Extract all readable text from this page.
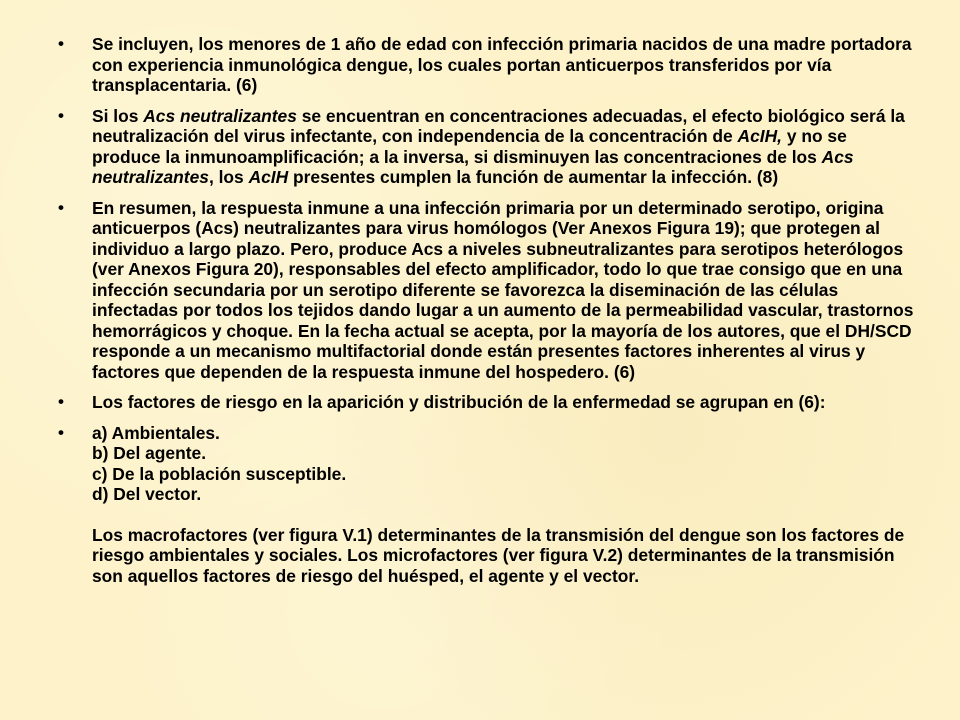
• Se incluyen, los menores de 1 año de edad con infección primaria nacidos de una madre portadora con experiencia inmunológica dengue, los cuales portan anticuerpos transferidos por vía transplacentaria. (6)
• Si los Acs neutralizantes se encuentran en concentraciones adecuadas, el efecto biológico será la neutralización del virus infectante, con independencia de la concentración de AcIH, y no se produce la inmunoamplificación; a la inversa, si disminuyen las concentraciones de los Acs neutralizantes, los AcIH presentes cumplen la función de aumentar la infección. (8)
• En resumen, la respuesta inmune a una infección primaria por un determinado serotipo, origina anticuerpos (Acs) neutralizantes para virus homólogos (Ver Anexos Figura 19); que protegen al individuo a largo plazo. Pero, produce Acs a niveles subneutralizantes para serotipos heterólogos (ver Anexos Figura 20), responsables del efecto amplificador, todo lo que trae consigo que en una infección secundaria por un serotipo diferente se favorezca la diseminación de las células infectadas por todos los tejidos dando lugar a un aumento de la permeabilidad vascular, trastornos hemorrágicos y choque. En la fecha actual se acepta, por la mayoría de los autores, que el DH/SCD responde a un mecanismo multifactorial donde están presentes factores inherentes al virus y factores que dependen de la respuesta inmune del hospedero. (6)
• Los factores de riesgo en la aparición y distribución de la enfermedad se agrupan en (6):
• a) Ambientales.
b) Del agente.
c) De la población susceptible.
d) Del vector.
Los macrofactores (ver figura V.1) determinantes de la transmisión del dengue son los factores de riesgo ambientales y sociales. Los microfactores (ver figura V.2) determinantes de la transmisión son aquellos factores de riesgo del huésped, el agente y el vector.
